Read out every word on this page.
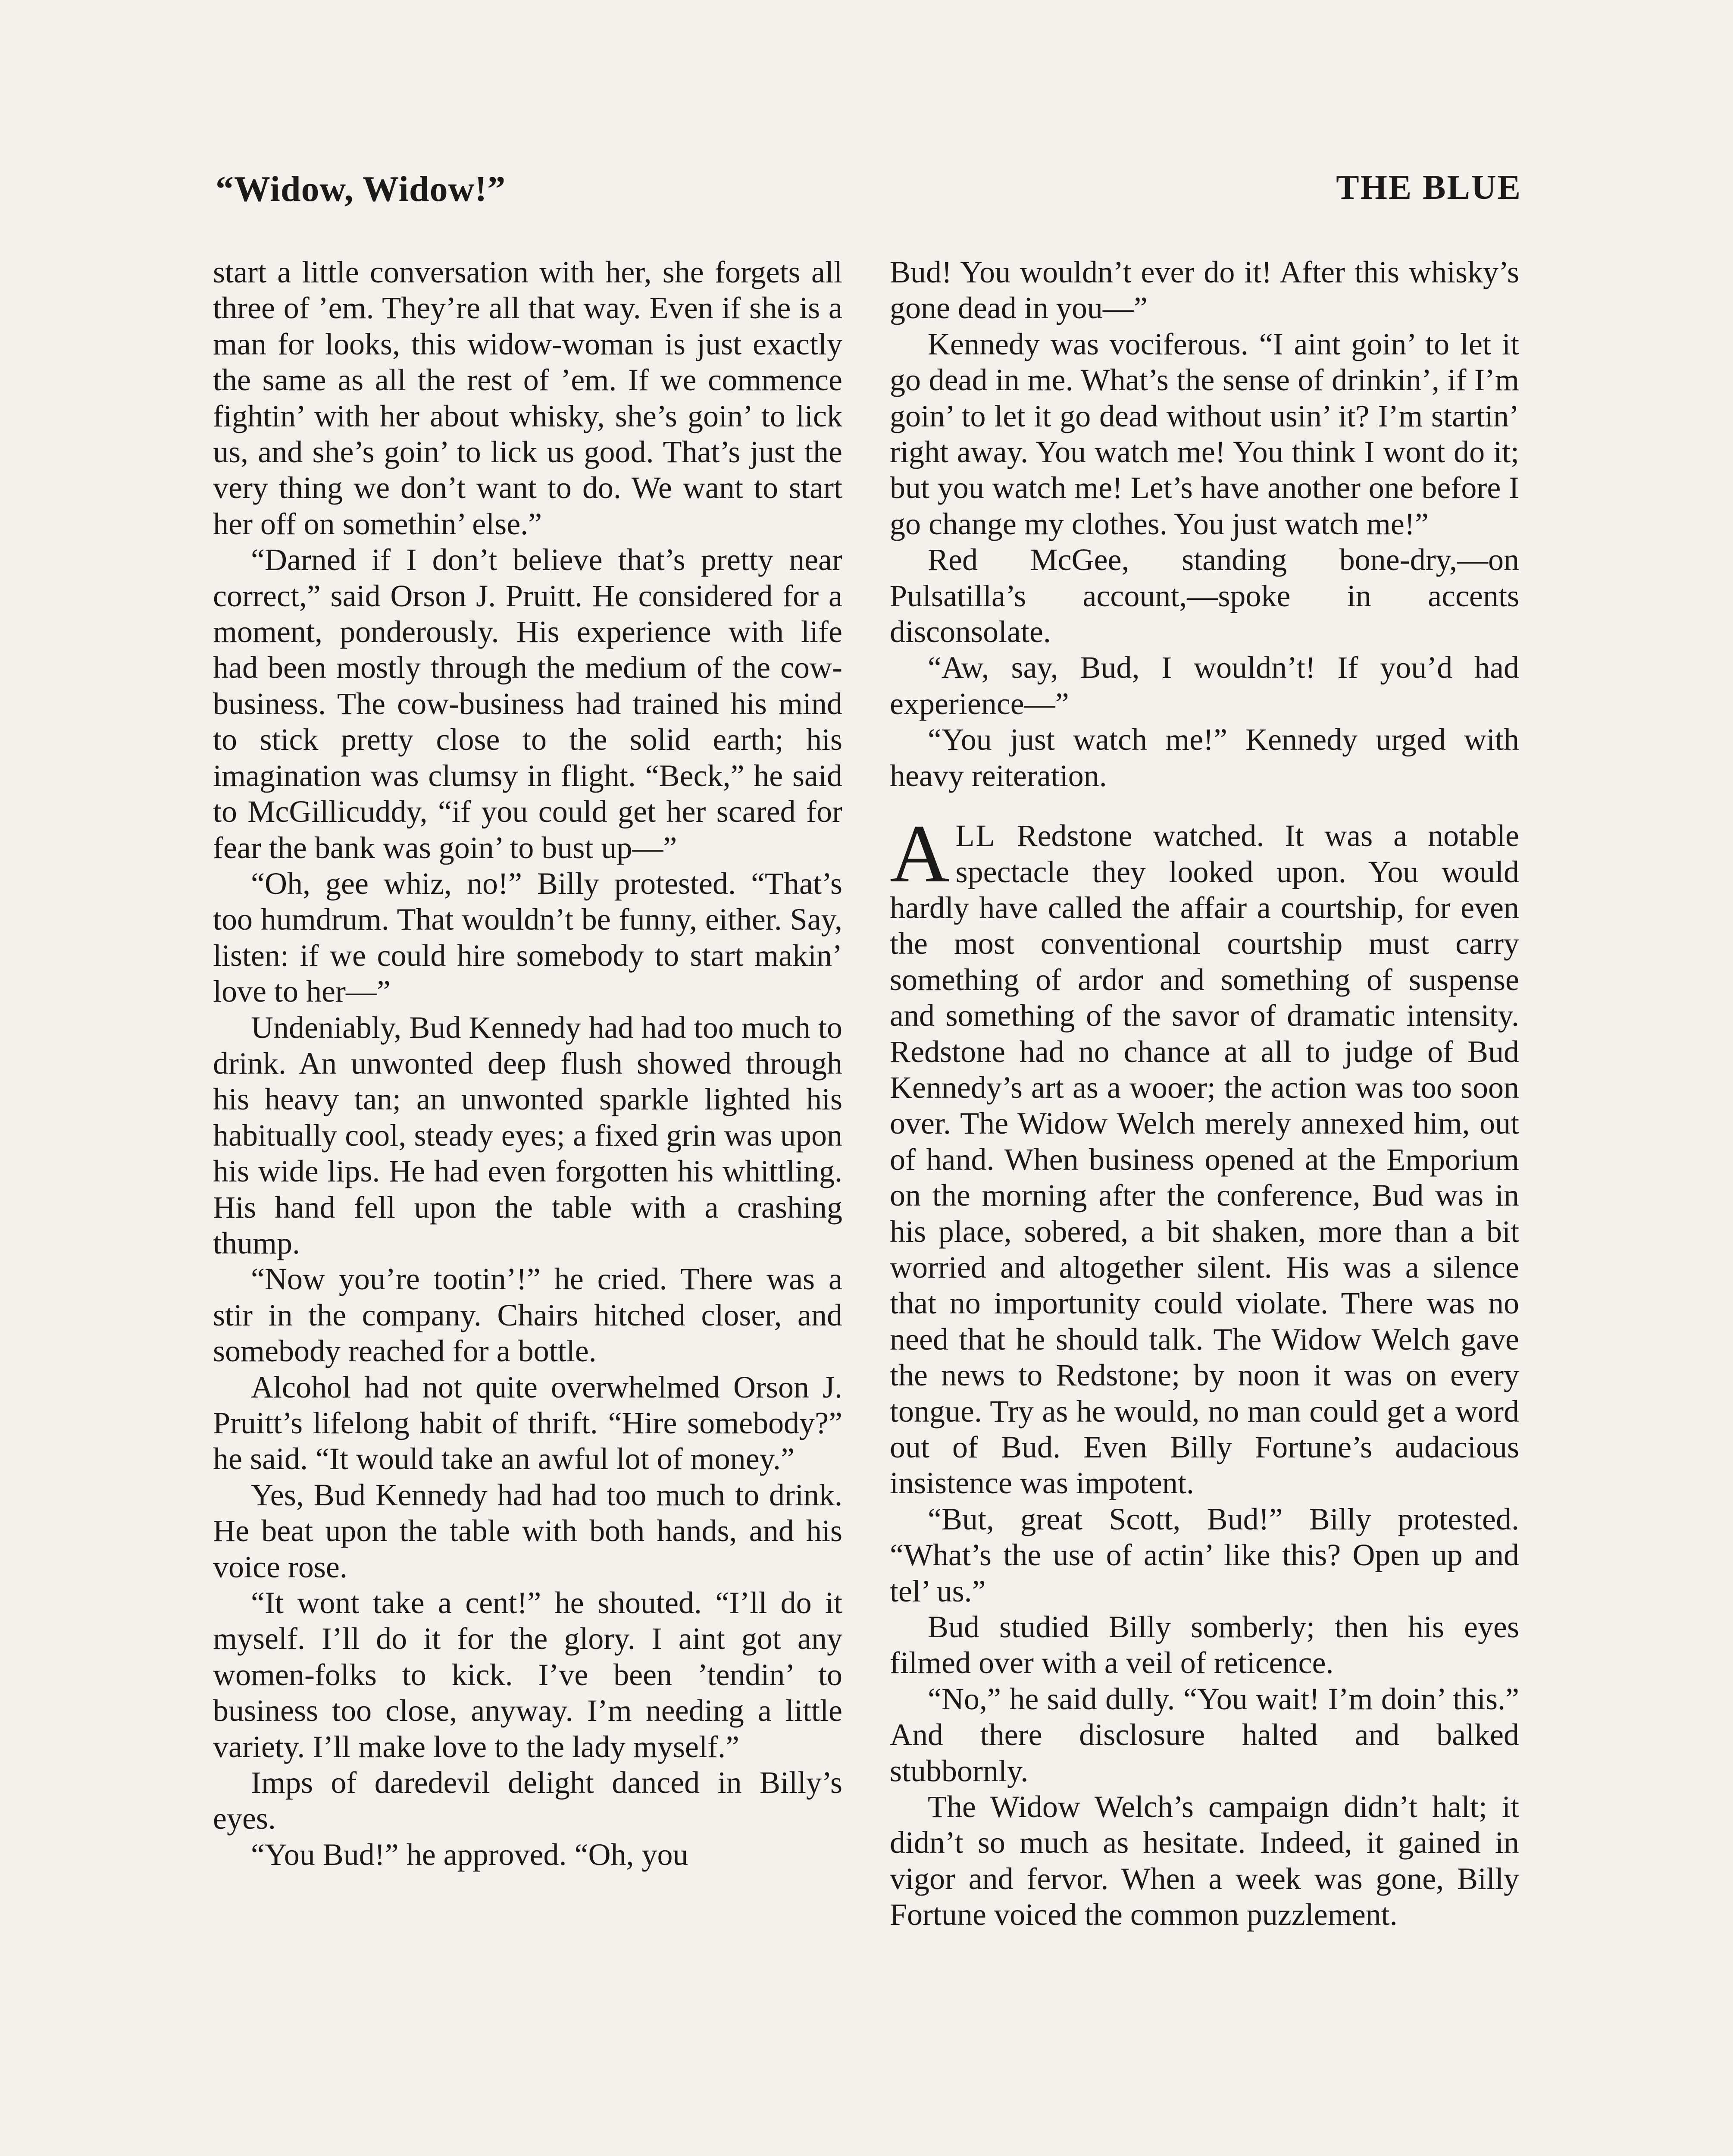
“Widow, Widow!”	THE BLUE

start a little conversation with her, she forgets all three of ’em. They’re all that way. Even if she is a man for looks, this widow-woman is just exactly the same as all the rest of ’em. If we commence fightin’ with her about whisky, she’s goin’ to lick us, and she’s goin’ to lick us good. That’s just the very thing we don’t want to do. We want to start her off on somethin’ else.”

“Darned if I don’t believe that’s pretty near correct,” said Orson J. Pruitt. He considered for a moment, ponderously. His experience with life had been mostly through the medium of the cow-business. The cow-business had trained his mind to stick pretty close to the solid earth; his imagination was clumsy in flight. “Beck,” he said to McGillicuddy, “if you could get her scared for fear the bank was goin’ to bust up—”

“Oh, gee whiz, no!” Billy protested. “That’s too humdrum. That wouldn’t be funny, either. Say, listen: if we could hire somebody to start makin’ love to her—”

Undeniably, Bud Kennedy had had too much to drink. An unwonted deep flush showed through his heavy tan; an unwonted sparkle lighted his habitually cool, steady eyes; a fixed grin was upon his wide lips. He had even forgotten his whittling. His hand fell upon the table with a crashing thump.

“Now you’re tootin’!” he cried. There was a stir in the company. Chairs hitched closer, and somebody reached for a bottle.

Alcohol had not quite overwhelmed Orson J. Pruitt’s lifelong habit of thrift. “Hire somebody?” he said. “It would take an awful lot of money.”

Yes, Bud Kennedy had had too much to drink. He beat upon the table with both hands, and his voice rose.

“It wont take a cent!” he shouted. “I’ll do it myself. I’ll do it for the glory. I aint got any women-folks to kick. I’ve been ’tendin’ to business too close, anyway. I’m needing a little variety. I’ll make love to the lady myself.”

Imps of daredevil delight danced in Billy’s eyes.

“You Bud!” he approved. “Oh, you

Bud! You wouldn’t ever do it! After this whisky’s gone dead in you—”

Kennedy was vociferous. “I aint goin’ to let it go dead in me. What’s the sense of drinkin’, if I’m goin’ to let it go dead without usin’ it? I’m startin’ right away. You watch me! You think I wont do it; but you watch me! Let’s have another one before I go change my clothes. You just watch me!”

Red McGee, standing bone-dry,—on Pulsatilla’s account,—spoke in accents disconsolate.

“Aw, say, Bud, I wouldn’t! If you’d had experience—”

“You just watch me!” Kennedy urged with heavy reiteration.

ALL Redstone watched. It was a notable spectacle they looked upon. You would hardly have called the affair a courtship, for even the most conventional courtship must carry something of ardor and something of suspense and something of the savor of dramatic intensity. Redstone had no chance at all to judge of Bud Kennedy’s art as a wooer; the action was too soon over. The Widow Welch merely annexed him, out of hand. When business opened at the Emporium on the morning after the conference, Bud was in his place, sobered, a bit shaken, more than a bit worried and altogether silent. His was a silence that no importunity could violate. There was no need that he should talk. The Widow Welch gave the news to Redstone; by noon it was on every tongue. Try as he would, no man could get a word out of Bud. Even Billy Fortune’s audacious insistence was impotent.

“But, great Scott, Bud!” Billy protested. “What’s the use of actin’ like this? Open up and tel’ us.”

Bud studied Billy somberly; then his eyes filmed over with a veil of reticence.

“No,” he said dully. “You wait! I’m doin’ this.” And there disclosure halted and balked stubbornly.

The Widow Welch’s campaign didn’t halt; it didn’t so much as hesitate. Indeed, it gained in vigor and fervor. When a week was gone, Billy Fortune voiced the common puzzlement.
